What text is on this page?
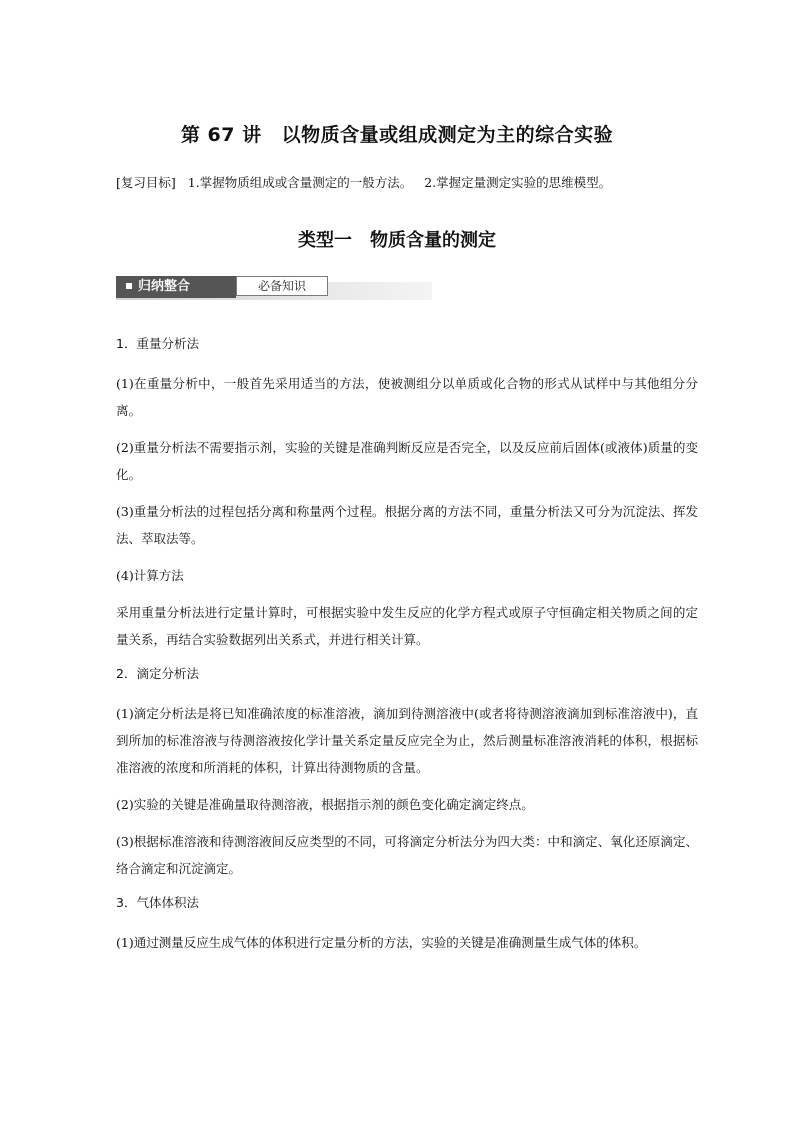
第 67 讲 以物质含量或组成测定为主的综合实验
[复习目标] 1.掌握物质组成或含量测定的一般方法。 2.掌握定量测定实验的思维模型。
类型一 物质含量的测定
归纳整合	必备知识
1．重量分析法

(1)在重量分析中，一般首先采用适当的方法，使被测组分以单质或化合物的形式从试样中与其他组分分离。

(2)重量分析法不需要指示剂，实验的关键是准确判断反应是否完全，以及反应前后固体(或液体)质量的变化。

(3)重量分析法的过程包括分离和称量两个过程。根据分离的方法不同，重量分析法又可分为沉淀法、挥发法、萃取法等。

(4)计算方法

采用重量分析法进行定量计算时，可根据实验中发生反应的化学方程式或原子守恒确定相关物质之间的定量关系，再结合实验数据列出关系式，并进行相关计算。

2．滴定分析法

(1)滴定分析法是将已知准确浓度的标准溶液，滴加到待测溶液中(或者将待测溶液滴加到标准溶液中)，直到所加的标准溶液与待测溶液按化学计量关系定量反应完全为止，然后测量标准溶液消耗的体积，根据标准溶液的浓度和所消耗的体积，计算出待测物质的含量。

(2)实验的关键是准确量取待测溶液，根据指示剂的颜色变化确定滴定终点。

(3)根据标准溶液和待测溶液间反应类型的不同，可将滴定分析法分为四大类：中和滴定、氧化还原滴定、络合滴定和沉淀滴定。

3．气体体积法

(1)通过测量反应生成气体的体积进行定量分析的方法，实验的关键是准确测量生成气体的体积。
